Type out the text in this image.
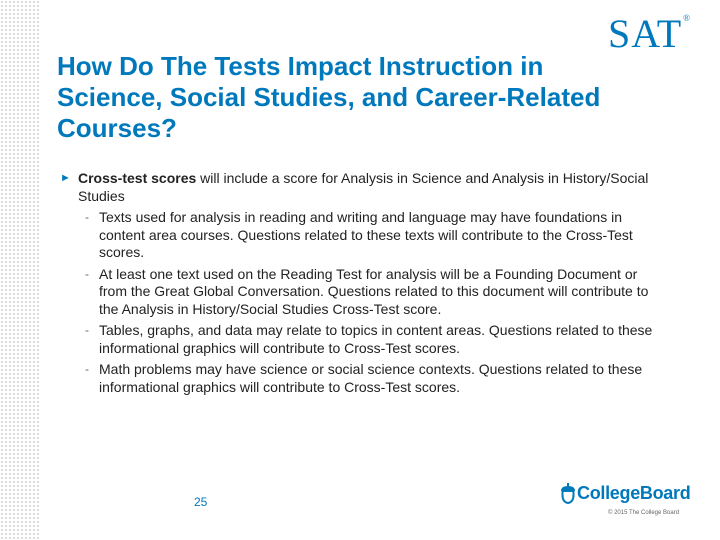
SAT®
How Do The Tests Impact Instruction in Science, Social Studies, and Career-Related Courses?
► Cross-test scores will include a score for Analysis in Science and Analysis in History/Social Studies
- Texts used for analysis in reading and writing and language may have foundations in content area courses. Questions related to these texts will contribute to the Cross-Test scores.
- At least one text used on the Reading Test for analysis will be a Founding Document or from the Great Global Conversation. Questions related to this document will contribute to the Analysis in History/Social Studies Cross-Test score.
- Tables, graphs, and data may relate to topics in content areas. Questions related to these informational graphics will contribute to Cross-Test scores.
- Math problems may have science or social science contexts. Questions related to these informational graphics will contribute to Cross-Test scores.
25	CollegeBoard
© 2015 The College Board
